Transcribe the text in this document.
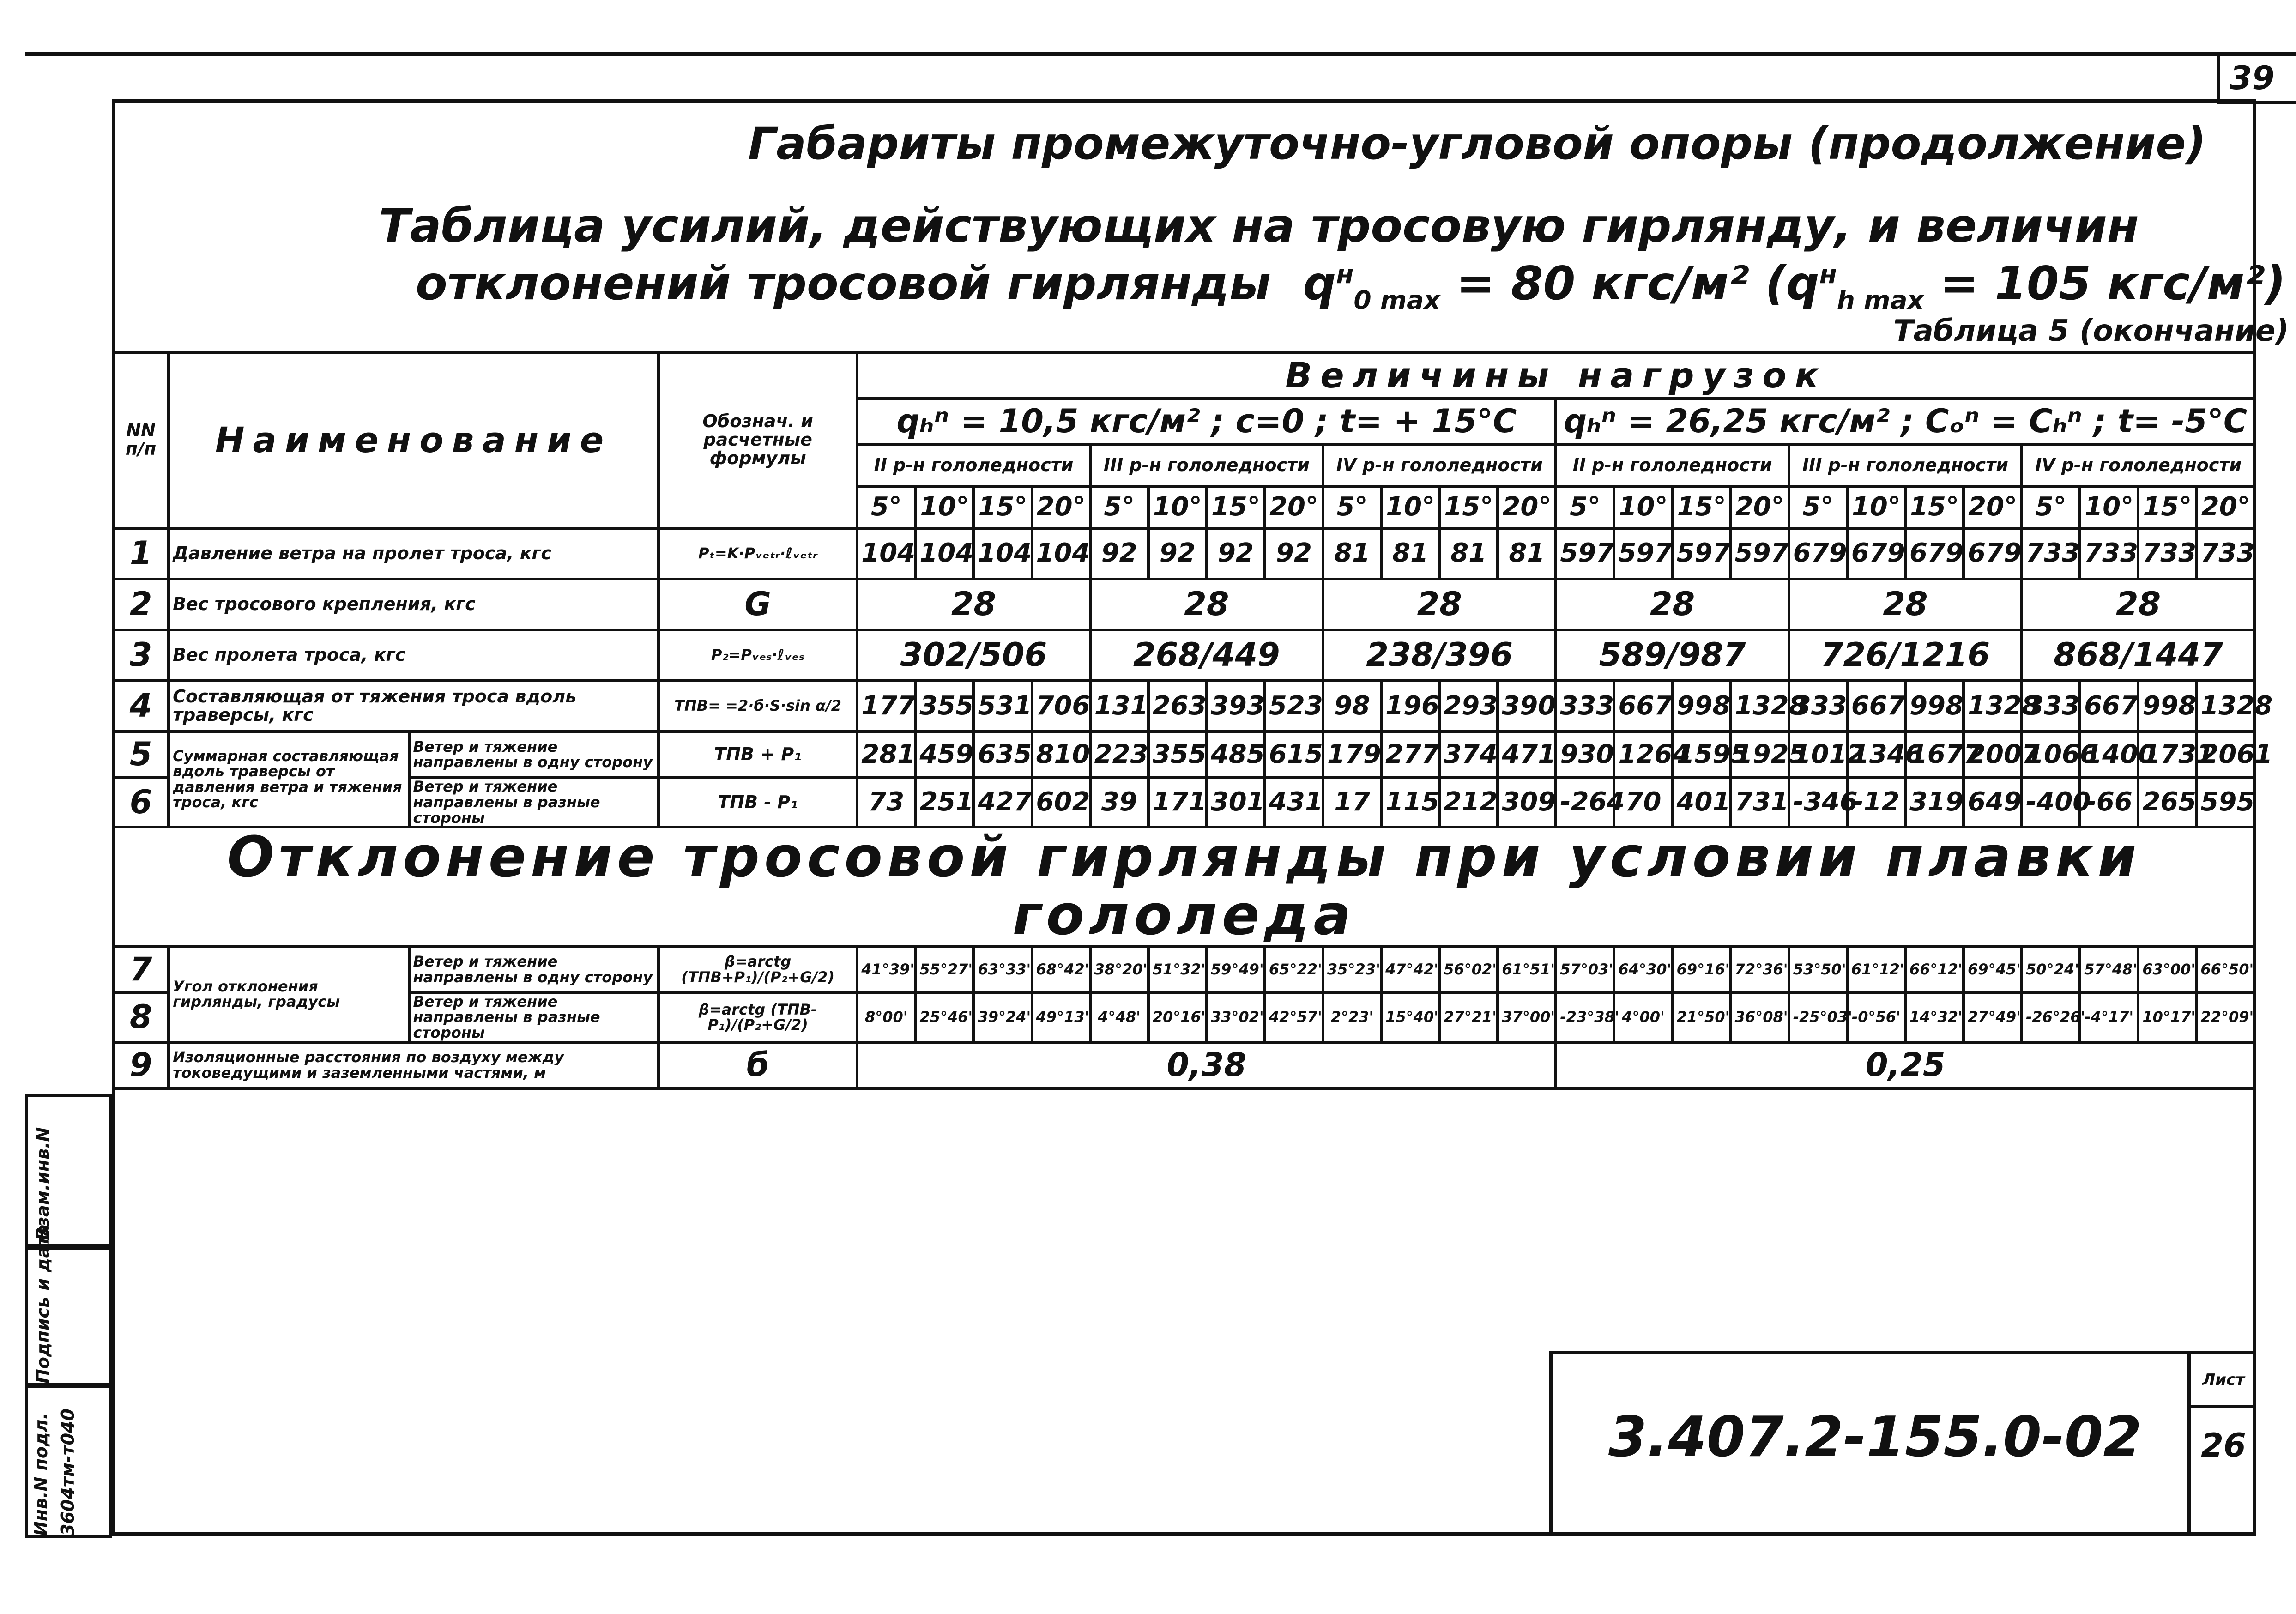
39
Взам.инв.N
Подпись и дата
Инв.N подл. 3604тм-т040
Габариты промежуточно-угловой опоры (продолжение)
Таблица усилий, действующих на тросовую гирлянду, и величин
отклонений тросовой гирлянды $q^н_{0 max} = 80$ кгс/м² ($q^н_{h max} = 105$ кгс/м²)
Таблица 5 (окончание)
NN п/п	Наименование		Обознач. и расчетные формулы	Величины нагрузок																							
				qₕⁿ = 10,5 кгс/м² ; c=0 ; t= + 15°C												qₕⁿ = 26,25 кгс/м² ; Cₒⁿ = Cₕⁿ ; t= -5°C											
				II р-н гололедности				III р-н гололедности				IV р-н гололедности				II р-н гололедности				III р-н гололедности				IV р-н гололедности			
				5°	10°	15°	20°	5°	10°	15°	20°	5°	10°	15°	20°	5°	10°	15°	20°	5°	10°	15°	20°	5°	10°	15°	20°
1	Давление ветра на пролет троса, кгс		Pₜ=K·Pᵥₑₜᵣ·ℓᵥₑₜᵣ	104	104	104	104	92	92	92	92	81	81	81	81	597	597	597	597	679	679	679	679	733	733	733	733
2	Вес тросового крепления, кгс		G	28				28				28				28				28				28			
3	Вес пролета троса, кгс		P₂=Pᵥₑₛ·ℓᵥₑₛ	302/506				268/449				238/396				589/987				726/1216				868/1447			
4	Составляющая от тяжения троса вдоль траверсы, кгс		ТПВ= =2·б·S·sin α/2	177	355	531	706	131	263	393	523	98	196	293	390	333	667	998	1328	333	667	998	1328	333	667	998	1328
5	Суммарная составляющая вдоль траверсы от давления ветра и тяжения троса, кгс	Ветер и тяжение направлены в одну сторону	ТПВ + P₁	281	459	635	810	223	355	485	615	179	277	374	471	930	1264	1595	1925	1012	1346	1677	2007	1066	1400	1731	2061
6		Ветер и тяжение направлены в разные стороны	ТПВ - P₁	73	251	427	602	39	171	301	431	17	115	212	309	-264	70	401	731	-346	-12	319	649	-400	-66	265	595
Отклонение тросовой гирлянды при условии плавки гололеда																											
7	Угол отклонения гирлянды, градусы	Ветер и тяжение направлены в одну сторону	β=arctg (ТПВ+P₁)/(P₂+G/2)	41°39'	55°27'	63°33'	68°42'	38°20'	51°32'	59°49'	65°22'	35°23'	47°42'	56°02'	61°51'	57°03'	64°30'	69°16'	72°36'	53°50'	61°12'	66°12'	69°45'	50°24'	57°48'	63°00'	66°50'
8		Ветер и тяжение направлены в разные стороны	β=arctg (ТПВ-P₁)/(P₂+G/2)	8°00'	25°46'	39°24'	49°13'	4°48'	20°16'	33°02'	42°57'	2°23'	15°40'	27°21'	37°00'	-23°38'	4°00'	21°50'	36°08'	-25°03'	-0°56'	14°32'	27°49'	-26°26'	-4°17'	10°17'	22°09'
9	Изоляционные расстояния по воздуху между токоведущими и заземленными частями, м		б	0,38												0,25											
3.407.2-155.0-02
Лист
26
